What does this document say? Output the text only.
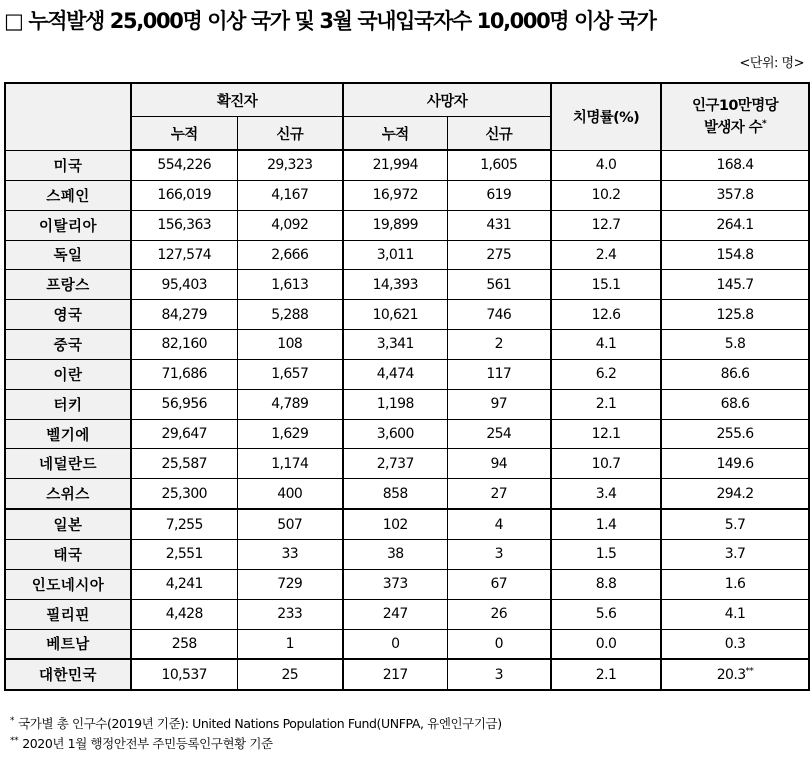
□ 누적발생 25,000명 이상 국가 및 3월 국내입국자수 10,000명 이상 국가
<단위: 명>
	확진자		사망자		치명률(%)	인구10만명당
발생자 수*
	누적	신규	누적	신규		
미국	554,226	29,323	21,994	1,605	4.0	168.4
스페인	166,019	4,167	16,972	619	10.2	357.8
이탈리아	156,363	4,092	19,899	431	12.7	264.1
독일	127,574	2,666	3,011	275	2.4	154.8
프랑스	95,403	1,613	14,393	561	15.1	145.7
영국	84,279	5,288	10,621	746	12.6	125.8
중국	82,160	108	3,341	2	4.1	5.8
이란	71,686	1,657	4,474	117	6.2	86.6
터키	56,956	4,789	1,198	97	2.1	68.6
벨기에	29,647	1,629	3,600	254	12.1	255.6
네덜란드	25,587	1,174	2,737	94	10.7	149.6
스위스	25,300	400	858	27	3.4	294.2
일본	7,255	507	102	4	1.4	5.7
태국	2,551	33	38	3	1.5	3.7
인도네시아	4,241	729	373	67	8.8	1.6
필리핀	4,428	233	247	26	5.6	4.1
베트남	258	1	0	0	0.0	0.3
대한민국	10,537	25	217	3	2.1	20.3**
* 국가별 총 인구수(2019년 기준): United Nations Population Fund(UNFPA, 유엔인구기금)
** 2020년 1월 행정안전부 주민등록인구현황 기준
